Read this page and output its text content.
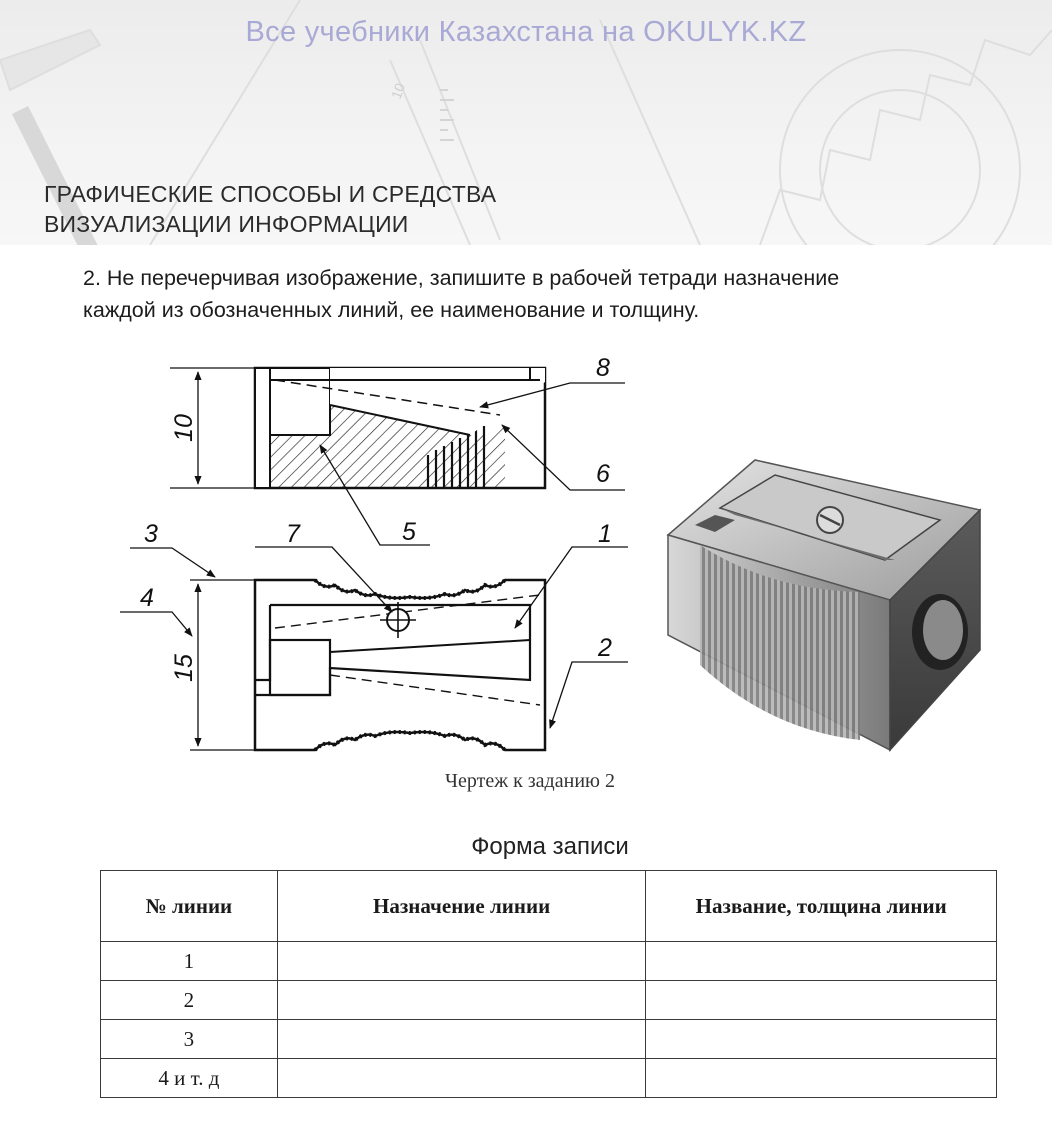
10
Все учебники Казахстана на OKULYK.KZ
ГРАФИЧЕСКИЕ СПОСОБЫ И СРЕДСТВА
ВИЗУАЛИЗАЦИИ ИНФОРМАЦИИ
2. Не перечерчивая изображение, запишите в рабочей тетради назначение
каждой из обозначенных линий, ее наименование и толщину.
10
8
6
5
15
3
4
7	1
2
Чертеж к заданию 2
Форма записи
№ линии	Назначение линии	Название, толщина линии
1		
2		
3		
4 и т. д		
